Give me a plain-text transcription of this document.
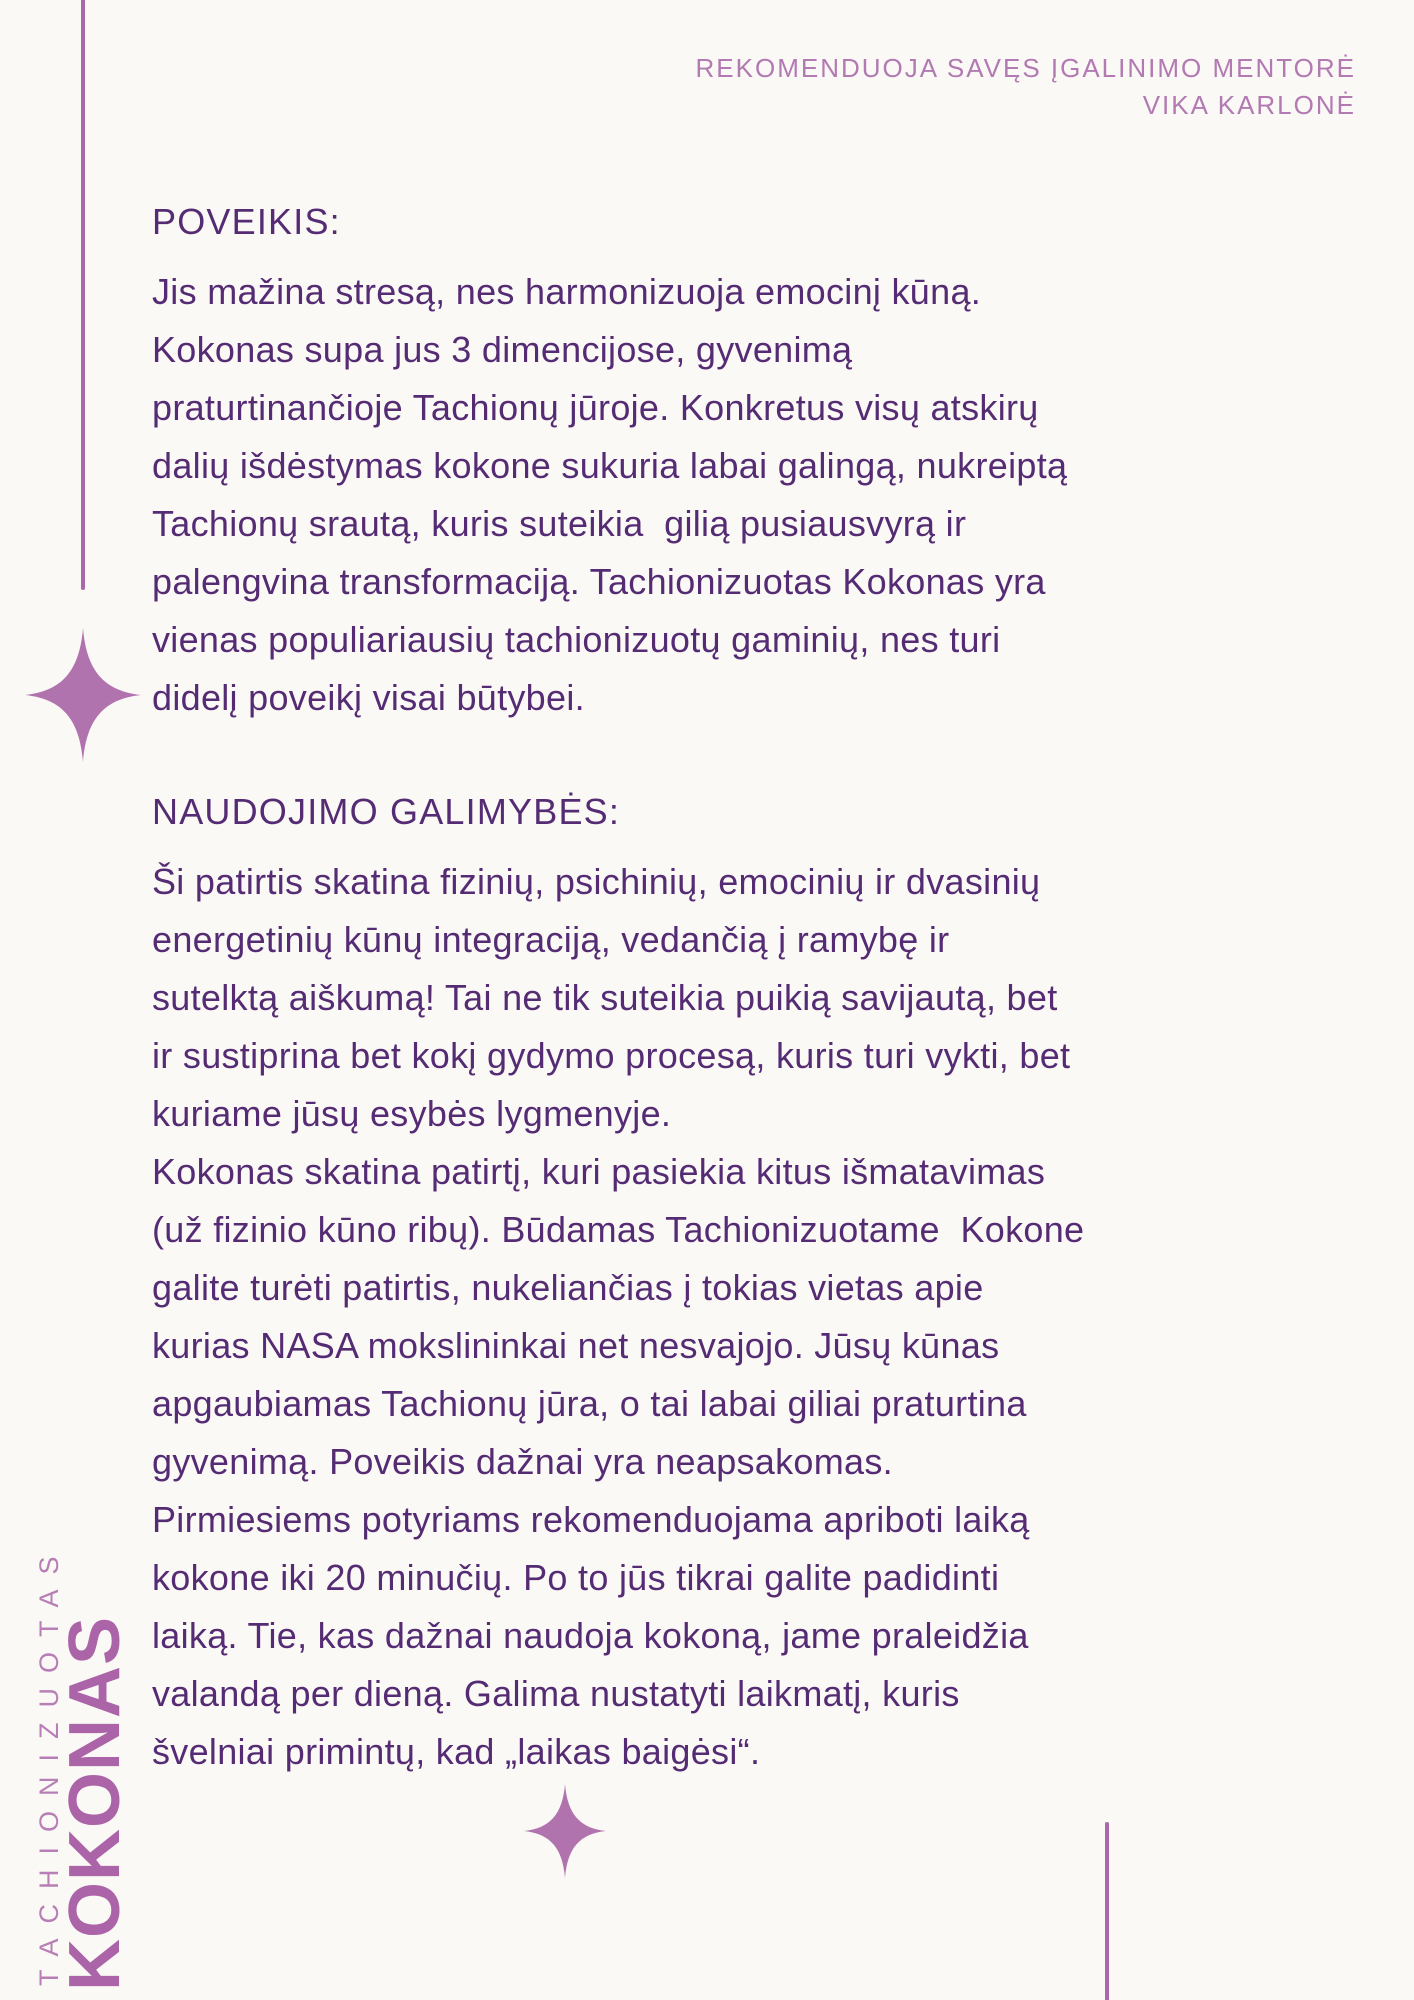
REKOMENDUOJA SAVĘS ĮGALINIMO MENTORĖ
VIKA KARLONĖ
POVEIKIS:
Jis mažina stresą, nes harmonizuoja emocinį kūną.
Kokonas supa jus 3 dimencijose, gyvenimą
praturtinančioje Tachionų jūroje. Konkretus visų atskirų
dalių išdėstymas kokone sukuria labai galingą, nukreiptą
Tachionų srautą, kuris suteikia  gilią pusiausvyrą ir
palengvina transformaciją. Tachionizuotas Kokonas yra
vienas populiariausių tachionizuotų gaminių, nes turi
didelį poveikį visai būtybei.
NAUDOJIMO GALIMYBĖS:
Ši patirtis skatina fizinių, psichinių, emocinių ir dvasinių
energetinių kūnų integraciją, vedančią į ramybę ir
sutelktą aiškumą! Tai ne tik suteikia puikią savijautą, bet
ir sustiprina bet kokį gydymo procesą, kuris turi vykti, bet
kuriame jūsų esybės lygmenyje.
Kokonas skatina patirtį, kuri pasiekia kitus išmatavimas
(už fizinio kūno ribų). Būdamas Tachionizuotame  Kokone
galite turėti patirtis, nukeliančias į tokias vietas apie
kurias NASA mokslininkai net nesvajojo. Jūsų kūnas
apgaubiamas Tachionų jūra, o tai labai giliai praturtina
gyvenimą. Poveikis dažnai yra neapsakomas.
Pirmiesiems potyriams rekomenduojama apriboti laiką
kokone iki 20 minučių. Po to jūs tikrai galite padidinti
laiką. Tie, kas dažnai naudoja kokoną, jame praleidžia
valandą per dieną. Galima nustatyti laikmatį, kuris
švelniai primintų, kad „laikas baigėsi“.
TACHIONIZUOTAS
KOKONAS
